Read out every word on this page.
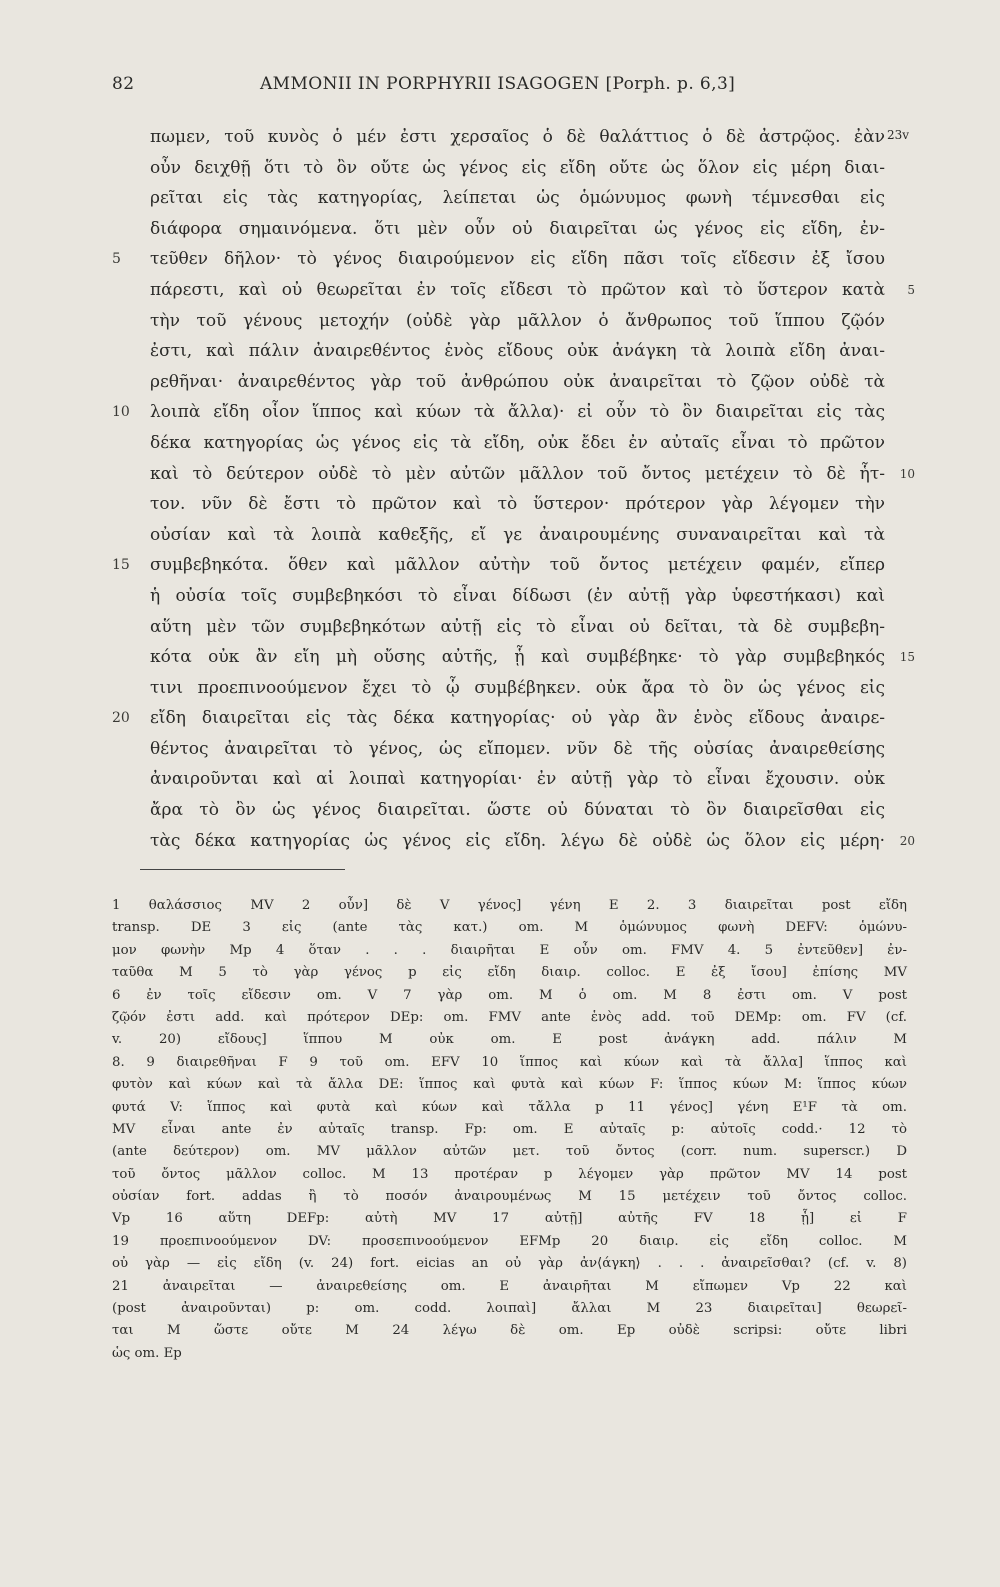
82	AMMONII IN PORPHYRII ISAGOGEN [Porph. p. 6,3]
πωμεν, τοῦ κυνὸς ὁ μέν ἐστι χερσαῖος ὁ δὲ θαλάττιος ὁ δὲ ἀστρῷος. ἐὰν 23v
οὖν δειχθῇ ὅτι τὸ ὂν οὔτε ὡς γένος εἰς εἴδη οὔτε ὡς ὅλον εἰς μέρη διαι-
ρεῖται εἰς τὰς κατηγορίας, λείπεται ὡς ὁμώνυμος φωνὴ τέμνεσθαι εἰς
διάφορα σημαινόμενα. ὅτι μὲν οὖν οὐ διαιρεῖται ὡς γένος εἰς εἴδη, ἐν-
τεῦθεν δῆλον· τὸ γένος διαιρούμενον εἰς εἴδη πᾶσι τοῖς εἴδεσιν ἐξ ἴσου
5
πάρεστι, καὶ οὐ θεωρεῖται ἐν τοῖς εἴδεσι τὸ πρῶτον καὶ τὸ ὕστερον κατὰ 5
τὴν τοῦ γένους μετοχήν (οὐδὲ γὰρ μᾶλλον ὁ ἄνθρωπος τοῦ ἵππου ζῷόν
ἐστι, καὶ πάλιν ἀναιρεθέντος ἑνὸς εἴδους οὐκ ἀνάγκη τὰ λοιπὰ εἴδη ἀναι-
ρεθῆναι· ἀναιρεθέντος γὰρ τοῦ ἀνθρώπου οὐκ ἀναιρεῖται τὸ ζῷον οὐδὲ τὰ
λοιπὰ εἴδη οἷον ἵππος καὶ κύων τὰ ἄλλα)· εἰ οὖν τὸ ὂν διαιρεῖται εἰς τὰς
10
δέκα κατηγορίας ὡς γένος εἰς τὰ εἴδη, οὐκ ἔδει ἐν αὐταῖς εἶναι τὸ πρῶτον
καὶ τὸ δεύτερον οὐδὲ τὸ μὲν αὐτῶν μᾶλλον τοῦ ὄντος μετέχειν τὸ δὲ ἧτ- 10
τον. νῦν δὲ ἔστι τὸ πρῶτον καὶ τὸ ὕστερον· πρότερον γὰρ λέγομεν τὴν
οὐσίαν καὶ τὰ λοιπὰ καθεξῆς, εἴ γε ἀναιρουμένης συναναιρεῖται καὶ τὰ
συμβεβηκότα. ὅθεν καὶ μᾶλλον αὐτὴν τοῦ ὄντος μετέχειν φαμέν, εἴπερ
15
ἡ οὐσία τοῖς συμβεβηκόσι τὸ εἶναι δίδωσι (ἐν αὐτῇ γὰρ ὑφεστήκασι) καὶ
αὕτη μὲν τῶν συμβεβηκότων αὐτῇ εἰς τὸ εἶναι οὐ δεῖται, τὰ δὲ συμβεβη-
κότα οὐκ ἂν εἴη μὴ οὔσης αὐτῆς, ᾗ καὶ συμβέβηκε· τὸ γὰρ συμβεβηκός 15
τινι προεπινοούμενον ἔχει τὸ ᾧ συμβέβηκεν. οὐκ ἄρα τὸ ὂν ὡς γένος εἰς
εἴδη διαιρεῖται εἰς τὰς δέκα κατηγορίας· οὐ γὰρ ἂν ἑνὸς εἴδους ἀναιρε-
20
θέντος ἀναιρεῖται τὸ γένος, ὡς εἴπομεν. νῦν δὲ τῆς οὐσίας ἀναιρεθείσης
ἀναιροῦνται καὶ αἱ λοιπαὶ κατηγορίαι· ἐν αὐτῇ γὰρ τὸ εἶναι ἔχουσιν. οὐκ
ἄρα τὸ ὂν ὡς γένος διαιρεῖται. ὥστε οὐ δύναται τὸ ὂν διαιρεῖσθαι εἰς
τὰς δέκα κατηγορίας ὡς γένος εἰς εἴδη. λέγω δὲ οὐδὲ ὡς ὅλον εἰς μέρη· 20
1 θαλάσσιος MV 2 οὖν] δὲ V γένος] γένη E 2. 3 διαιρεῖται post εἴδη
transp. DE 3 εἰς (ante τὰς κατ.) om. M ὁμώνυμος φωνὴ DEFV: ὁμώνυ-
μον φωνὴν Mp 4 ὅταν . . . διαιρῆται E οὖν om. FMV 4. 5 ἐντεῦθεν] ἐν-
ταῦθα M 5 τὸ γὰρ γένος p εἰς εἴδη διαιρ. colloc. E ἐξ ἴσου] ἐπίσης MV
6 ἐν τοῖς εἴδεσιν om. V 7 γὰρ om. M ὁ om. M 8 ἐστι om. V post
ζῷόν ἐστι add. καὶ πρότερον DEp: om. FMV ante ἑνὸς add. τοῦ DEMp: om. FV (cf.
v. 20) εἴδους] ἵππου M οὐκ om. E post ἀνάγκη add. πάλιν M
8. 9 διαιρεθῆναι F 9 τοῦ om. EFV 10 ἵππος καὶ κύων καὶ τὰ ἄλλα] ἵππος καὶ
φυτὸν καὶ κύων καὶ τὰ ἄλλα DE: ἵππος καὶ φυτὰ καὶ κύων F: ἵππος κύων M: ἵππος κύων
φυτά V: ἵππος καὶ φυτὰ καὶ κύων καὶ τἄλλα p 11 γένος] γένη E¹F τὰ om.
MV εἶναι ante ἐν αὐταῖς transp. Fp: om. E αὐταῖς p: αὐτοῖς codd.· 12 τὸ
(ante δεύτερον) om. MV μᾶλλον αὐτῶν μετ. τοῦ ὄντος (corr. num. superscr.) D
τοῦ ὄντος μᾶλλον colloc. M 13 προτέραν p λέγομεν γὰρ πρῶτον MV 14 post
οὐσίαν fort. addas ἢ τὸ ποσόν ἀναιρουμένως M 15 μετέχειν τοῦ ὄντος colloc.
Vp 16 αὕτη DEFp: αὐτὴ MV 17 αὐτῇ] αὐτῆς FV 18 ᾗ] εἰ F
19 προεπινοούμενον DV: προσεπινοούμενον EFMp 20 διαιρ. εἰς εἴδη colloc. M
οὐ γὰρ — εἰς εἴδη (v. 24) fort. eicias an οὐ γὰρ ἀν⟨άγκη⟩ . . . ἀναιρεῖσθαι? (cf. v. 8)
21 ἀναιρεῖται — ἀναιρεθείσης om. E ἀναιρῆται M εἴπωμεν Vp 22 καὶ
(post ἀναιροῦνται) p: om. codd. λοιπαὶ] ἄλλαι M 23 διαιρεῖται] θεωρεῖ-
ται M ὥστε οὔτε M 24 λέγω δὲ om. Ep οὐδὲ scripsi: οὔτε libri
ὡς om. Ep
